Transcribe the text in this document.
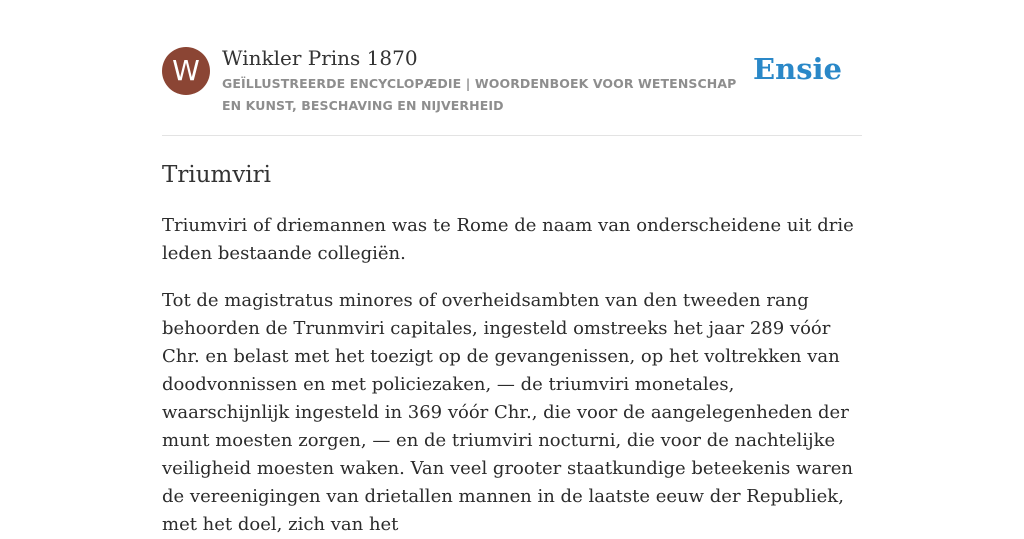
W	Winkler Prins 1870
GEÏLLUSTREERDE ENCYCLOPÆDIE | WOORDENBOEK VOOR WETENSCHAP EN KUNST, BESCHAVING EN NIJVERHEID
Ensie
Triumviri

Triumviri of driemannen was te Rome de naam van onderscheidene uit drie leden bestaande collegiën.

Tot de magistratus minores of overheidsambten van den tweeden rang behoorden de Trunmviri capitales, ingesteld omstreeks het jaar 289 vóór Chr. en belast met het toezigt op de gevangenissen, op het voltrekken van doodvonnissen en met policiezaken, — de triumviri monetales, waarschijnlijk ingesteld in 369 vóór Chr., die voor de aangelegenheden der munt moesten zorgen, — en de triumviri nocturni, die voor de nachtelijke veiligheid moesten waken. Van veel grooter staatkundige beteekenis waren de vereenigingen van drietallen mannen in de laatste eeuw der Republiek, met het doel, zich van het
